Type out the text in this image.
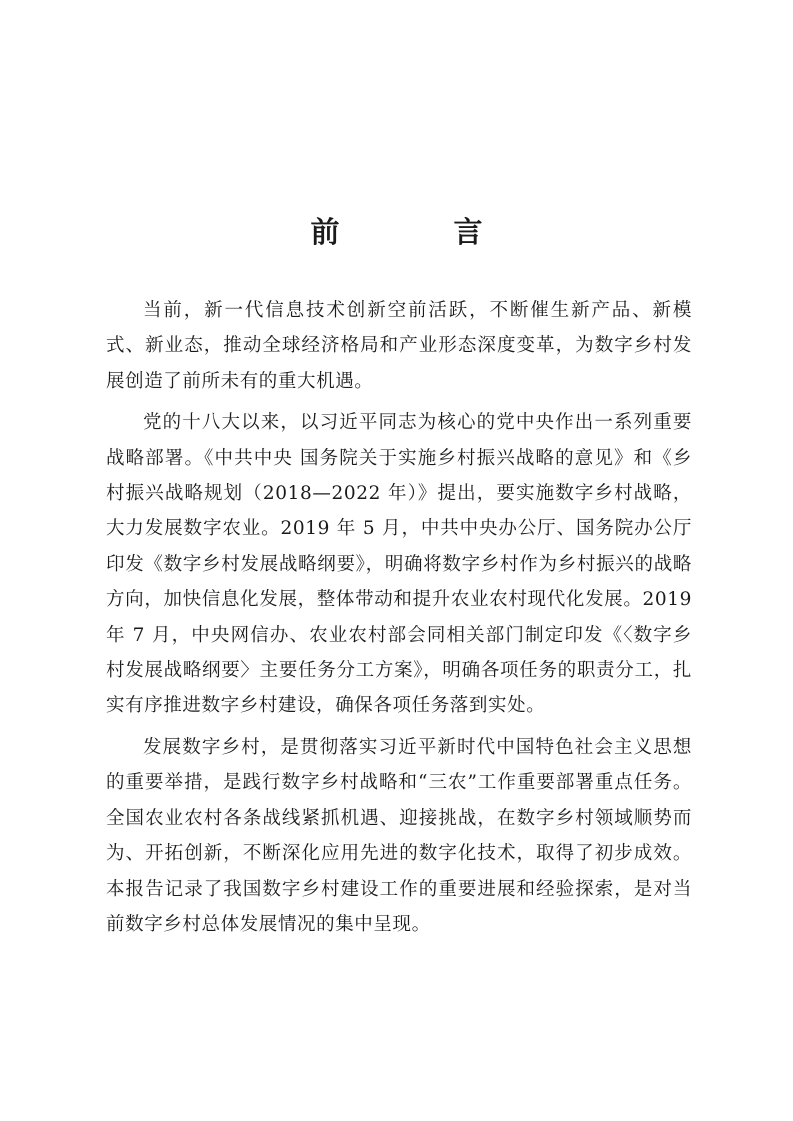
前 言

当前，新一代信息技术创新空前活跃，不断催生新产品、新模式、新业态，推动全球经济格局和产业形态深度变革，为数字乡村发展创造了前所未有的重大机遇。

党的十八大以来，以习近平同志为核心的党中央作出一系列重要战略部署。《中共中央 国务院关于实施乡村振兴战略的意见》和《乡村振兴战略规划（2018—2022 年）》提出，要实施数字乡村战略，大力发展数字农业。2019 年 5 月，中共中央办公厅、国务院办公厅印发《数字乡村发展战略纲要》，明确将数字乡村作为乡村振兴的战略方向，加快信息化发展，整体带动和提升农业农村现代化发展。2019 年 7 月，中央网信办、农业农村部会同相关部门制定印发《〈数字乡村发展战略纲要〉主要任务分工方案》，明确各项任务的职责分工，扎实有序推进数字乡村建设，确保各项任务落到实处。

发展数字乡村，是贯彻落实习近平新时代中国特色社会主义思想的重要举措，是践行数字乡村战略和“三农”工作重要部署重点任务。全国农业农村各条战线紧抓机遇、迎接挑战，在数字乡村领域顺势而为、开拓创新，不断深化应用先进的数字化技术，取得了初步成效。本报告记录了我国数字乡村建设工作的重要进展和经验探索，是对当前数字乡村总体发展情况的集中呈现。
